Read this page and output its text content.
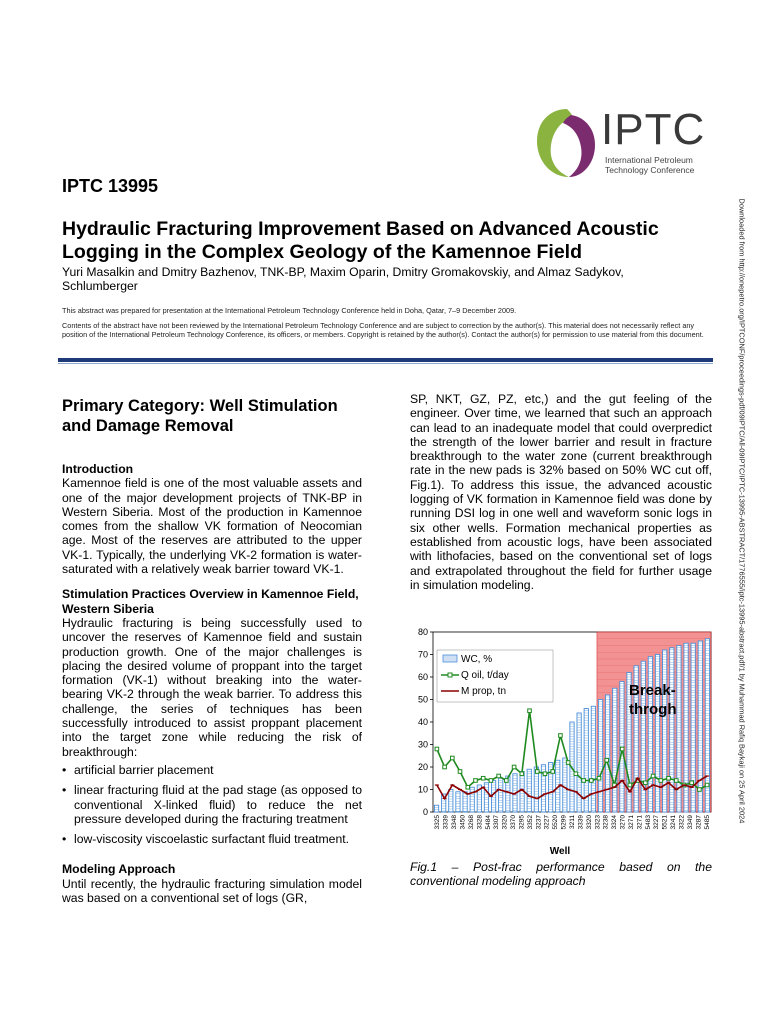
IPTC
International Petroleum
Technology Conference
IPTC 13995
Hydraulic Fracturing Improvement Based on Advanced Acoustic Logging in the Complex Geology of the Kamennoe Field
Yuri Masalkin and Dmitry Bazhenov, TNK-BP, Maxim Oparin, Dmitry Gromakovskiy, and Almaz Sadykov, Schlumberger
This abstract was prepared for presentation at the International Petroleum Technology Conference held in Doha, Qatar, 7–9 December 2009.
Contents of the abstract have not been reviewed by the International Petroleum Technology Conference and are subject to correction by the author(s). This material does not necessarily reflect any position of the International Petroleum Technology Conference, its officers, or members. Copyright is retained by the author(s). Contact the author(s) for permission to use material from this document.	Downloaded from http://onepetro.org/IPTCONF/proceedings-pdf/09IPTC/All-09IPTC/IPTC-13995-ABSTRACT/1776555/iptc-13995-abstract.pdf/1 by Muhammad Rafiq Baykaji on 25 April 2024

Primary Category: Well Stimulation and Damage Removal

Introduction

Kamennoe field is one of the most valuable assets and one of the major development projects of TNK-BP in Western Siberia. Most of the production in Kamennoe comes from the shallow VK formation of Neocomian age. Most of the reserves are attributed to the upper VK-1. Typically, the underlying VK-2 formation is water- saturated with a relatively weak barrier toward VK-1.

Stimulation Practices Overview in Kamennoe Field, Western Siberia

Hydraulic fracturing is being successfully used to uncover the reserves of Kamennoe field and sustain production growth. One of the major challenges is placing the desired volume of proppant into the target formation (VK-1) without breaking into the water-bearing VK-2 through the weak barrier. To address this challenge, the series of techniques has been successfully introduced to assist proppant placement into the target zone while reducing the risk of breakthrough:

• artificial barrier placement
• linear fracturing fluid at the pad stage (as opposed to conventional X-linked fluid) to reduce the net pressure developed during the fracturing treatment
• low-viscosity viscoelastic surfactant fluid treatment.

Modeling Approach

Until recently, the hydraulic fracturing simulation model was based on a conventional set of logs (GR,

SP, NKT, GZ, PZ, etc,) and the gut feeling of the engineer. Over time, we learned that such an approach can lead to an inadequate model that could overpredict the strength of the lower barrier and result in fracture breakthrough to the water zone (current breakthrough rate in the new pads is 32% based on 50% WC cut off, Fig.1). To address this issue, the advanced acoustic logging of VK formation in Kamennoe field was done by running DSI log in one well and waveform sonic logs in six other wells. Formation mechanical properties as established from acoustic logs, have been associated with lithofacies, based on the conventional set of logs and extrapolated throughout the field for further usage in simulation modeling.

0
10
20
30
40
50
60
70
80
3325 3339 3348 3450 3268 3328 5484 3307 3320 3370 3295 3352 3237 3227 5520 5299 3211 3339 3320 3323 3238 3324 3270 3271 3271 5483 3227 5521 3241 3322 3349 3287 5485
Well
WC, %
Q oil, t/day
M prop, tn	Break-
throgh
Fig.1 – Post-frac performance based on the
conventional modeling approach
